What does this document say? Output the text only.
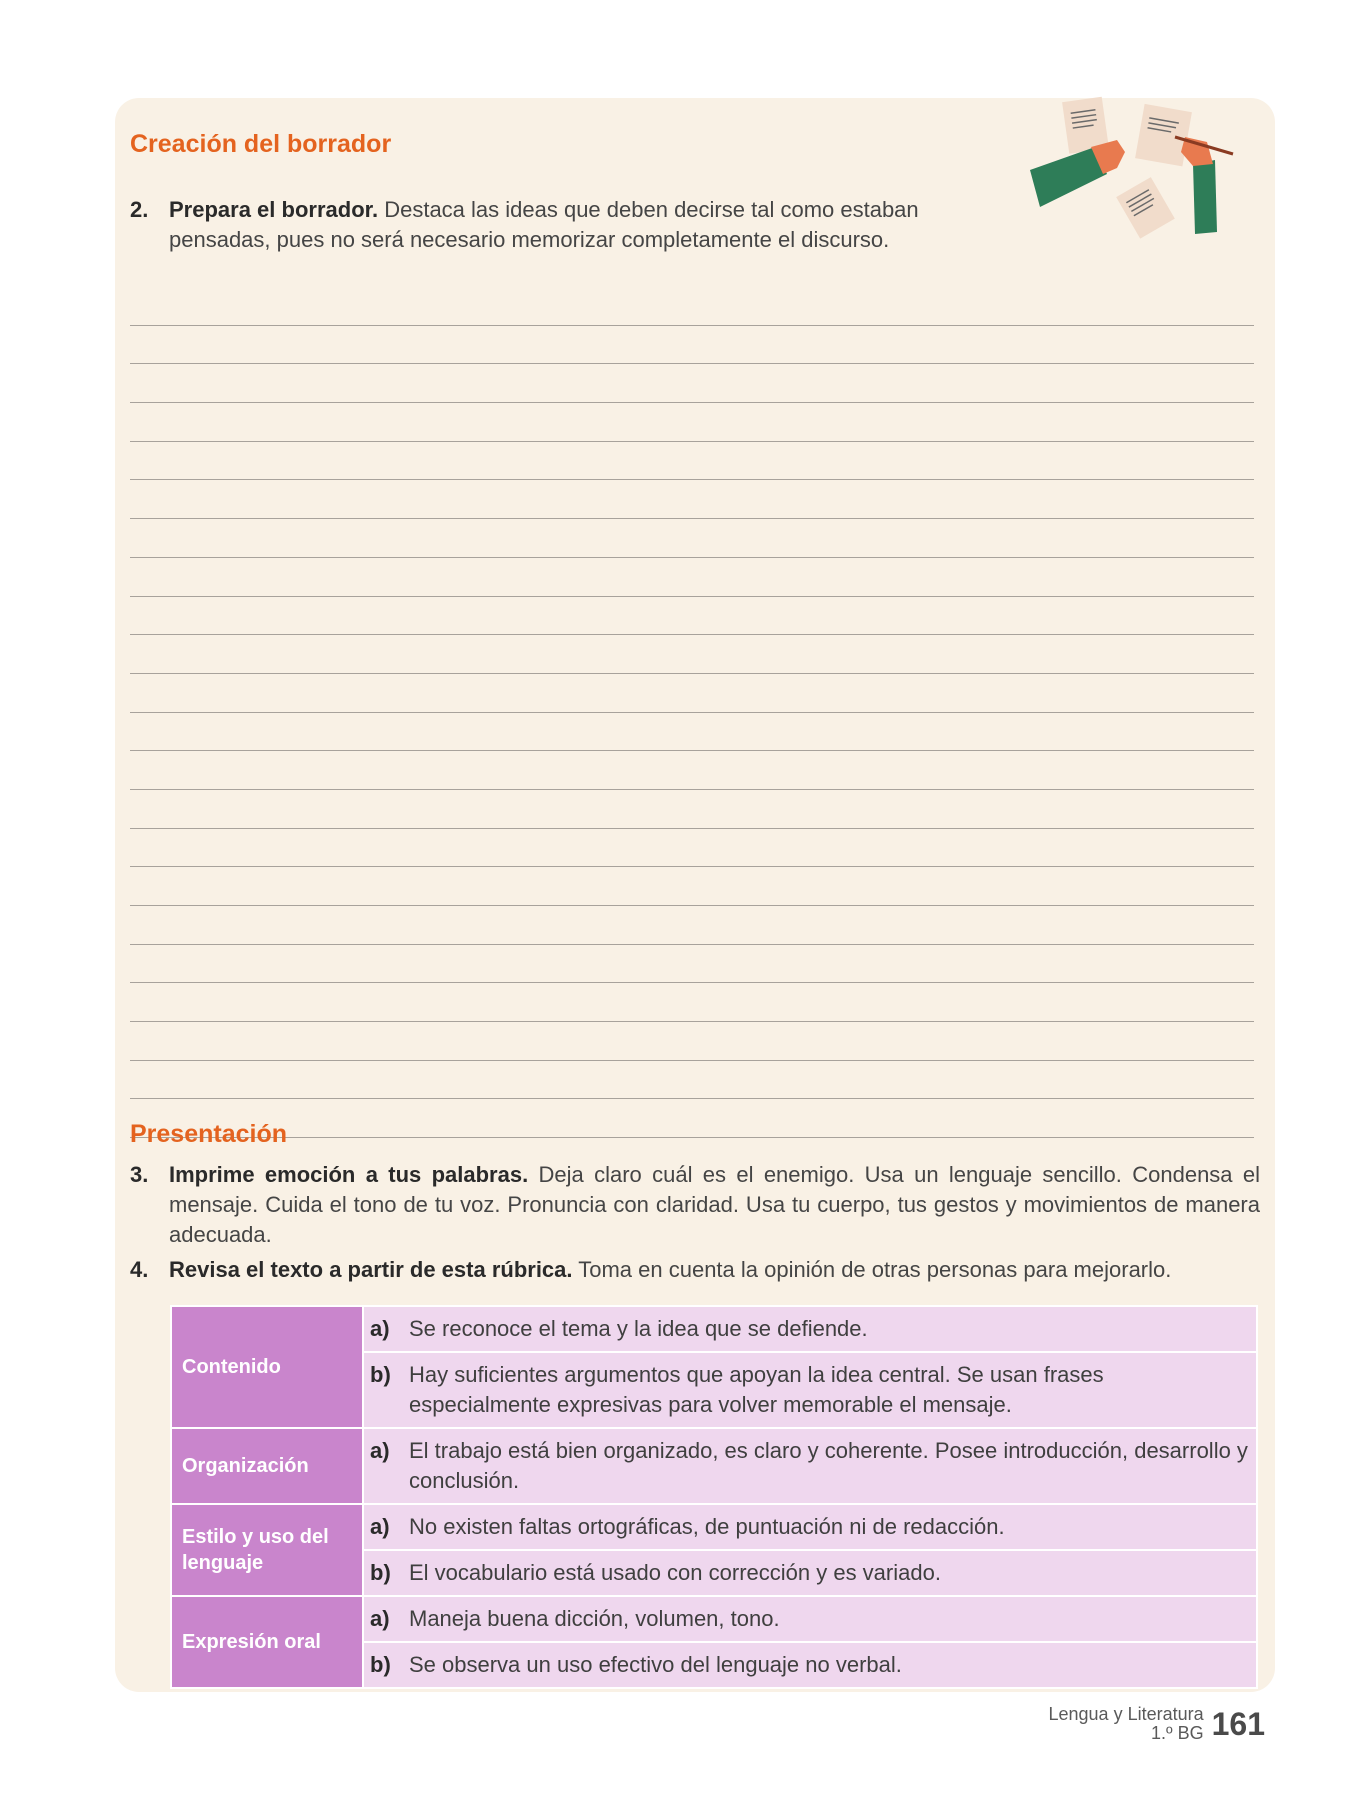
Creación del borrador
2. Prepara el borrador. Destaca las ideas que deben decirse tal como estaban pensadas, pues no será necesario memorizar completamente el discurso.
Presentación
3. Imprime emoción a tus palabras. Deja claro cuál es el enemigo. Usa un lenguaje sencillo. Condensa el mensaje. Cuida el tono de tu voz. Pronuncia con claridad. Usa tu cuerpo, tus gestos y movimientos de manera adecuada.
4. Revisa el texto a partir de esta rúbrica. Toma en cuenta la opinión de otras personas para mejorarlo.
Contenido	a) Se reconoce el tema y la idea que se defiende.

	b) Hay suficientes argumentos que apoyan la idea central. Se usan frases especialmente expresivas para volver memorable el mensaje.

Organización	a) El trabajo está bien organizado, es claro y coherente. Posee introducción, desarrollo y conclusión.

Estilo y uso del lenguaje	a) No existen faltas ortográficas, de puntuación ni de redacción.

	b) El vocabulario está usado con corrección y es variado.

Expresión oral	a) Maneja buena dicción, volumen, tono.

	b) Se observa un uso efectivo del lenguaje no verbal.
Lengua y Literatura
1.º BG 161
